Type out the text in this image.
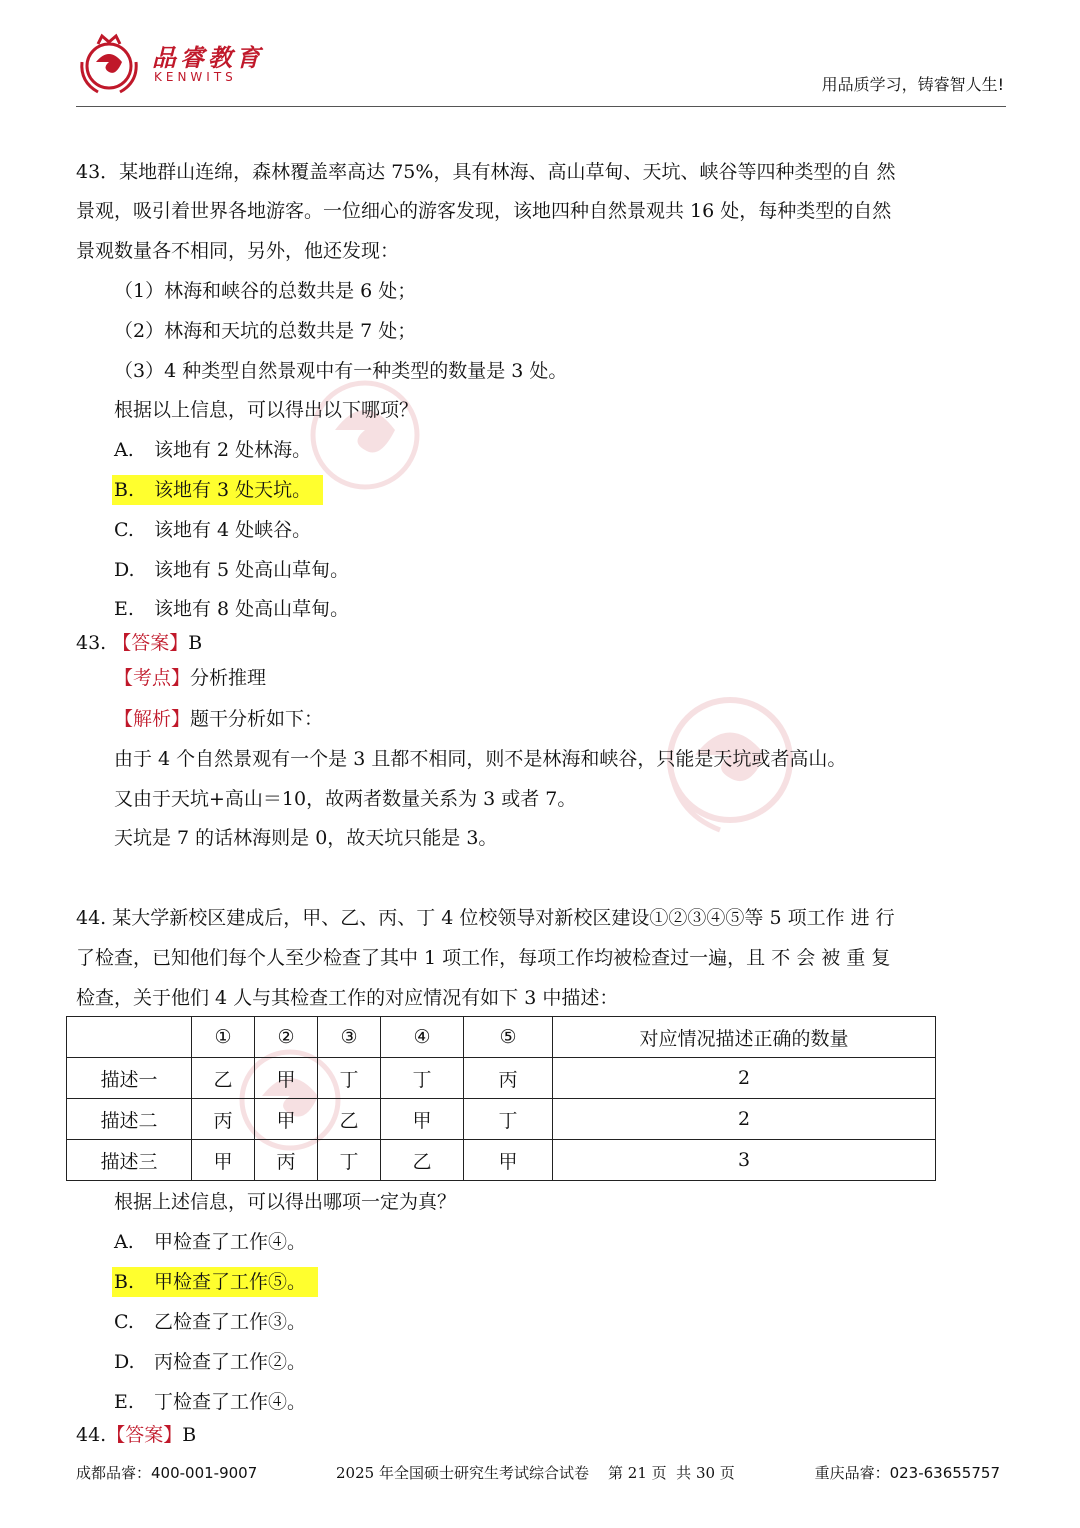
品睿教育
KENWITS	用品质学习，铸睿智人生!
43．某地群山连绵，森林覆盖率高达 75%，具有林海、高山草甸、天坑、峡谷等四种类型的自 然
景观，吸引着世界各地游客。一位细心的游客发现，该地四种自然景观共 16 处，每种类型的自然
景观数量各不相同，另外，他还发现：
（1）林海和峡谷的总数共是 6 处；
（2）林海和天坑的总数共是 7 处；
（3）4 种类型自然景观中有一种类型的数量是 3 处。
根据以上信息，可以得出以下哪项？
A. 该地有 2 处林海。
B. 该地有 3 处天坑。
C. 该地有 4 处峡谷。
D. 该地有 5 处高山草甸。
E. 该地有 8 处高山草甸。
43. 【答案】B
【考点】分析推理
【解析】题干分析如下：
由于 4 个自然景观有一个是 3 且都不相同，则不是林海和峡谷，只能是天坑或者高山。
又由于天坑+高山＝10，故两者数量关系为 3 或者 7。
天坑是 7 的话林海则是 0，故天坑只能是 3。
44. 某大学新校区建成后，甲、乙、丙、丁 4 位校领导对新校区建设①②③④⑤等 5 项工作 进 行
了检查，已知他们每个人至少检查了其中 1 项工作，每项工作均被检查过一遍，且 不 会 被 重 复
检查，关于他们 4 人与其检查工作的对应情况有如下 3 中描述：
	①	②	③	④	⑤	对应情况描述正确的数量
描述一	乙	甲	丁	丁	丙	2
描述二	丙	甲	乙	甲	丁	2
描述三	甲	丙	丁	乙	甲	3
根据上述信息，可以得出哪项一定为真？
A. 甲检查了工作④。
B. 甲检查了工作⑤。
C. 乙检查了工作③。
D. 丙检查了工作②。
E. 丁检查了工作④。
44.【答案】B
成都品睿：400-001-9007	2025 年全国硕士研究生考试综合试卷    第 21 页  共 30 页	重庆品睿：023-63655757
